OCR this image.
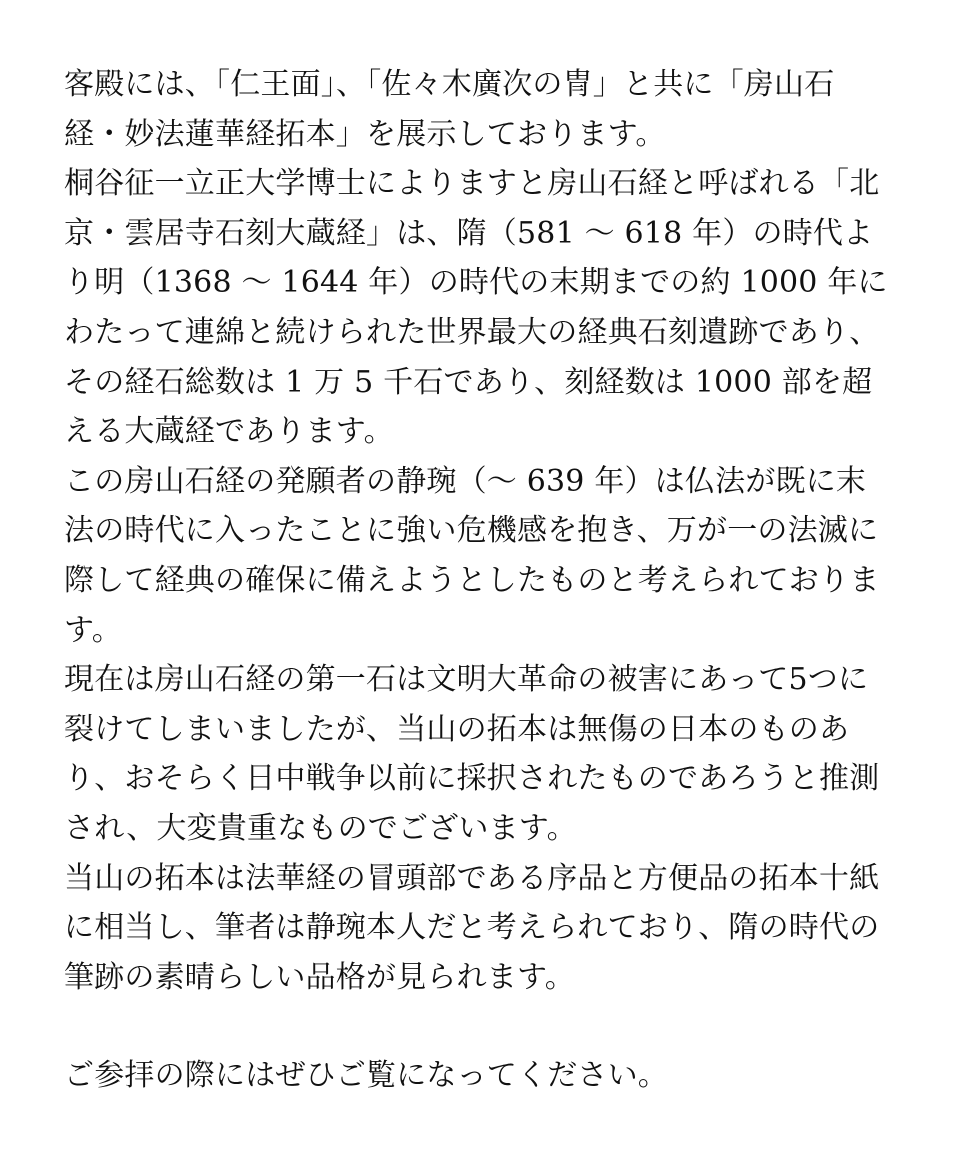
客殿には、「仁王面」、「佐々木廣次の冑」と共に「房山石経・妙法蓮華経拓本」を展示しております。

桐谷征一立正大学博士によりますと房山石経と呼ばれる「北京・雲居寺石刻大蔵経」は、隋（581 ～ 618 年）の時代より明（1368 ～ 1644 年）の時代の末期までの約 1000 年にわたって連綿と続けられた世界最大の経典石刻遺跡であり、その経石総数は 1 万 5 千石であり、刻経数は 1000 部を超える大蔵経であります。

この房山石経の発願者の静琬（～ 639 年）は仏法が既に末法の時代に入ったことに強い危機感を抱き、万が一の法滅に際して経典の確保に備えようとしたものと考えられております。

現在は房山石経の第一石は文明大革命の被害にあって5つに裂けてしまいましたが、当山の拓本は無傷の日本のものあり、おそらく日中戦争以前に採択されたものであろうと推測され、大変貴重なものでございます。

当山の拓本は法華経の冒頭部である序品と方便品の拓本十紙に相当し、筆者は静琬本人だと考えられており、隋の時代の筆跡の素晴らしい品格が見られます。

ご参拝の際にはぜひご覧になってください。
